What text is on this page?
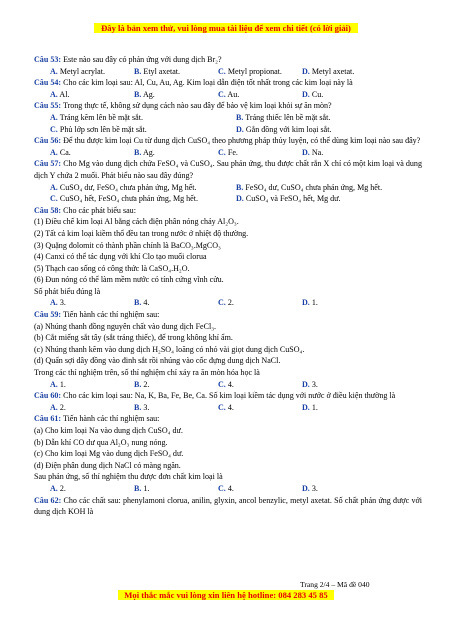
Đây là bản xem thử, vui lòng mua tài liệu để xem chi tiết (có lời giải)

Câu 53: Este nào sau đây có phản ứng với dung dịch Br₂?

A. Metyl acrylat.	B. Etyl axetat.	C. Metyl propionat.	D. Metyl axetat.

Câu 54: Cho các kim loại sau: Al, Cu, Au, Ag. Kim loại dẫn điện tốt nhất trong các kim loại này là

A. Al.	B. Ag.	C. Au.	D. Cu.

Câu 55: Trong thực tế, không sử dụng cách nào sau đây để bảo vệ kim loại khỏi sự ăn mòn?

A. Tráng kẽm lên bề mặt sắt.	B. Tráng thiếc lên bề mặt sắt.
C. Phủ lớp sơn lên bề mặt sắt.	D. Gắn đồng với kim loại sắt.

Câu 56: Để thu được kim loại Cu từ dung dịch CuSO₄ theo phương pháp thủy luyện, có thể dùng kim loại nào sau đây?

A. Ca.	B. Ag.	C. Fe.	D. Na.

Câu 57: Cho Mg vào dung dịch chứa FeSO₄ và CuSO₄. Sau phản ứng, thu được chất rắn X chỉ có một kim loại và dung dịch Y chứa 2 muối. Phát biểu nào sau đây đúng?

A. CuSO₄ dư, FeSO₄ chưa phản ứng, Mg hết.	B. FeSO₄ dư, CuSO₄ chưa phản ứng, Mg hết.
C. CuSO₄ hết, FeSO₄ chưa phản ứng, Mg hết.	D. CuSO₄ và FeSO₄ hết, Mg dư.

Câu 58: Cho các phát biểu sau:

(1) Điều chế kim loại Al bằng cách điện phân nóng chảy Al₂O₃.

(2) Tất cả kim loại kiềm thổ đều tan trong nước ở nhiệt độ thường.

(3) Quặng đolomit có thành phần chính là BaCO₃.MgCO₃

(4) Canxi có thể tác dụng với khí Clo tạo muối clorua

(5) Thạch cao sống có công thức là CaSO₄.H₂O.

(6) Đun nóng có thể làm mềm nước có tính cứng vĩnh cửu.

Số phát biểu đúng là

A. 3.	B. 4.	C. 2.	D. 1.

Câu 59: Tiến hành các thí nghiệm sau:

(a) Nhúng thanh đồng nguyên chất vào dung dịch FeCl₃.

(b) Cắt miếng sắt tây (sắt tráng thiếc), để trong không khí ẩm.

(c) Nhúng thanh kẽm vào dung dịch H₂SO₄ loãng có nhỏ vài giọt dung dịch CuSO₄.

(d) Quấn sợi dây đồng vào đinh sắt rồi nhúng vào cốc đựng dung dịch NaCl.

Trong các thí nghiệm trên, số thí nghiệm chỉ xảy ra ăn mòn hóa học là

A. 1.	B. 2.	C. 4.	D. 3.

Câu 60: Cho các kim loại sau: Na, K, Ba, Fe, Be, Ca. Số kim loại kiềm tác dụng với nước ở điều kiện thường là

A. 2.	B. 3.	C. 4.	D. 1.

Câu 61: Tiến hành các thí nghiệm sau:

(a) Cho kim loại Na vào dung dịch CuSO₄ dư.

(b) Dẫn khí CO dư qua Al₂O₃ nung nóng.

(c) Cho kim loại Mg vào dung dịch FeSO₄ dư.

(d) Điện phân dung dịch NaCl có màng ngăn.

Sau phản ứng, số thí nghiệm thu được đơn chất kim loại là

A. 2.	B. 1.	C. 4.	D. 3.

Câu 62: Cho các chất sau: phenylamoni clorua, anilin, glyxin, ancol benzylic, metyl axetat. Số chất phản ứng được với dung dịch KOH là

Trang 2/4 – Mã đề 040
Mọi thắc mắc vui lòng xin liên hệ hotline: 084 283 45 85
